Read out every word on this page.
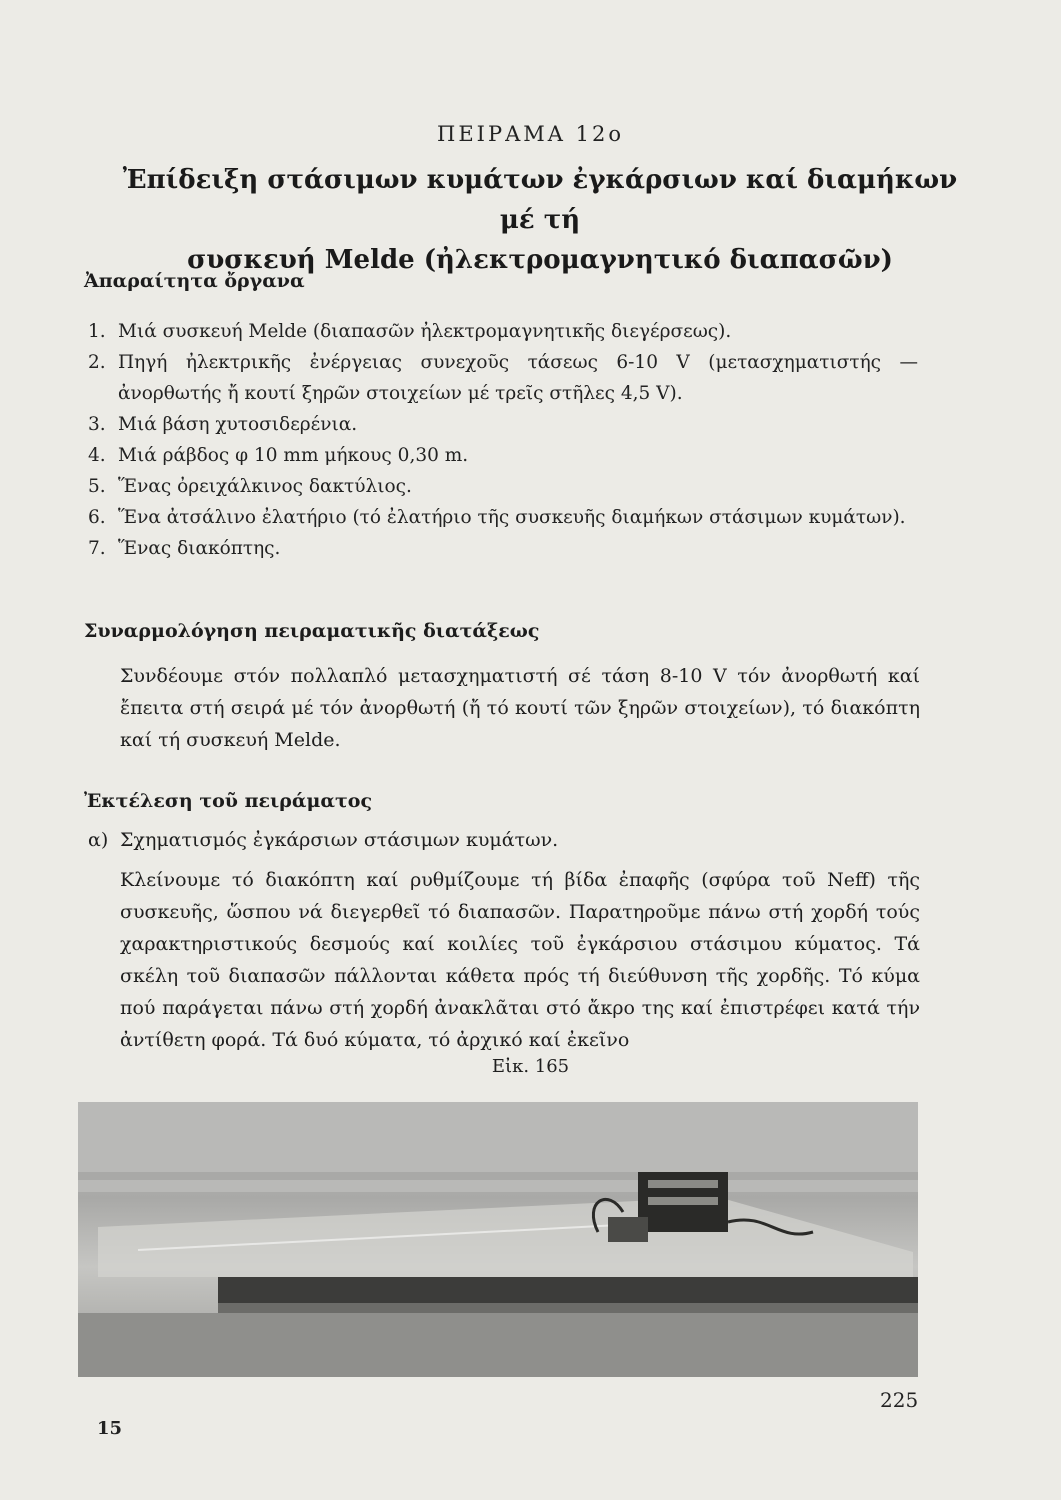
ΠΕΙΡΑΜΑ 12ο
Ἐπίδειξη στάσιμων κυμάτων ἐγκάρσιων καί διαμήκων μέ τή
συσκευή Melde (ἠλεκτρομαγνητικό διαπασῶν)
Ἀπαραίτητα ὄργανα
1. Μιά συσκευή Melde (διαπασῶν ἠλεκτρομαγνητικῆς διεγέρσεως).
2. Πηγή ἠλεκτρικῆς ἐνέργειας συνεχοῦς τάσεως 6-10 V (μετασχηματιστής — ἀνορθωτής ἤ κουτί ξηρῶν στοιχείων μέ τρεῖς στῆλες 4,5 V).
3. Μιά βάση χυτοσιδερένια.
4. Μιά ράβδος φ 10 mm μήκους 0,30 m.
5. Ἕνας ὀρειχάλκινος δακτύλιος.
6. Ἕνα ἀτσάλινο ἐλατήριο (τό ἐλατήριο τῆς συσκευῆς διαμήκων στάσιμων κυμάτων).
7. Ἕνας διακόπτης.
Συναρμολόγηση πειραματικῆς διατάξεως

Συνδέουμε στόν πολλαπλό μετασχηματιστή σέ τάση 8-10 V τόν ἀνορθωτή καί ἔπειτα στή σειρά μέ τόν ἀνορθωτή (ἤ τό κουτί τῶν ξηρῶν στοιχείων), τό διακόπτη καί τή συσκευή Melde.

Ἐκτέλεση τοῦ πειράματος
α) Σχηματισμός ἐγκάρσιων στάσιμων κυμάτων.

Κλείνουμε τό διακόπτη καί ρυθμίζουμε τή βίδα ἐπαφῆς (σφύρα τοῦ Neff) τῆς συσκευῆς, ὥσπου νά διεγερθεῖ τό διαπασῶν. Παρατηροῦμε πάνω στή χορδή τούς χαρακτηριστικούς δεσμούς καί κοιλίες τοῦ ἐγκάρσιου στάσιμου κύματος. Τά σκέλη τοῦ διαπασῶν πάλλονται κάθετα πρός τή διεύθυνση τῆς χορδῆς. Τό κύμα πού παράγεται πάνω στή χορδή ἀνακλᾶται στό ἄκρο της καί ἐπιστρέφει κατά τήν ἀντίθετη φορά. Τά δυό κύματα, τό ἀρχικό καί ἐκεῖνο

Εἰκ. 165
15
225
